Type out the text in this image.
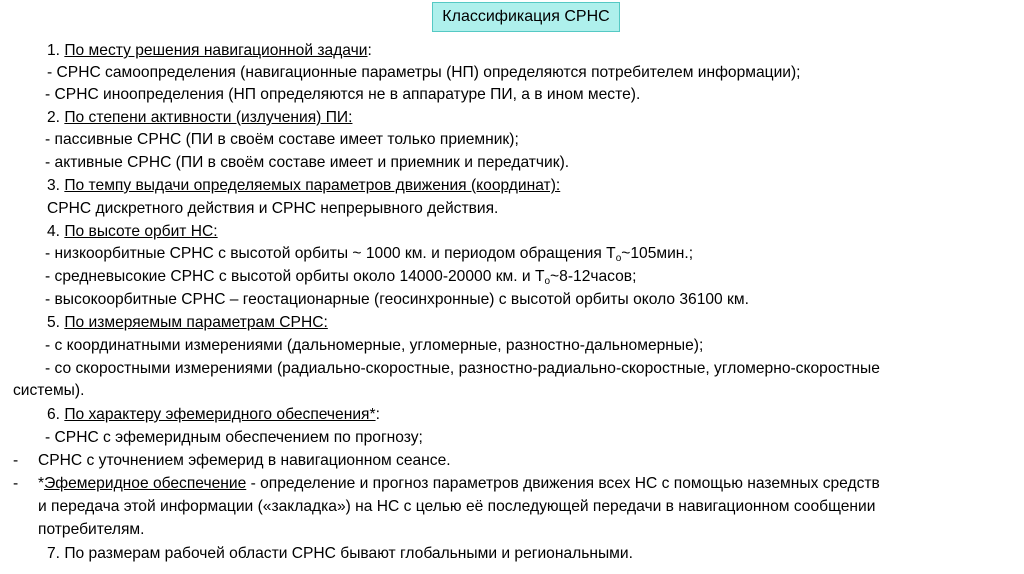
Классификация СРНС
1. По месту решения навигационной задачи:
- СРНС самоопределения (навигационные параметры (НП) определяются потребителем информации);
- СРНС иноопределения (НП определяются не в аппаратуре ПИ, а в ином месте).
2. По степени активности (излучения) ПИ:
- пассивные СРНС (ПИ в своём составе имеет только приемник);
- активные СРНС (ПИ в своём составе имеет и приемник и передатчик).
3. По темпу выдачи определяемых параметров движения (координат):
СРНС дискретного действия и СРНС непрерывного действия.
4. По высоте орбит НС:
- низкоорбитные СРНС с высотой орбиты ~ 1000 км. и периодом обращения $Т_о\sim 105мин$.;
- средневысокие СРНС с высотой орбиты около 14000-20000 км. и $Т_о\sim 8-12часов$;
- высокоорбитные СРНС – геостационарные (геосинхронные) с высотой орбиты около 36100 км.
5. По измеряемым параметрам СРНС:
- с координатными измерениями (дальномерные, угломерные, разностно-дальномерные);
- со скоростными измерениями (радиально-скоростные, разностно-радиально-скоростные, угломерно-скоростные
системы).
6. По характеру эфемеридного обеспечения*:
- СРНС с эфемеридным обеспечением по прогнозу;
- СРНС с уточнением эфемерид в навигационном сеансе.
- *Эфемеридное обеспечение - определение и прогноз параметров движения всех НС с помощью наземных средств
и передача этой информации («закладка») на НС с целью её последующей передачи в навигационном сообщении
потребителям.
7. По размерам рабочей области СРНС бывают глобальными и региональными.
